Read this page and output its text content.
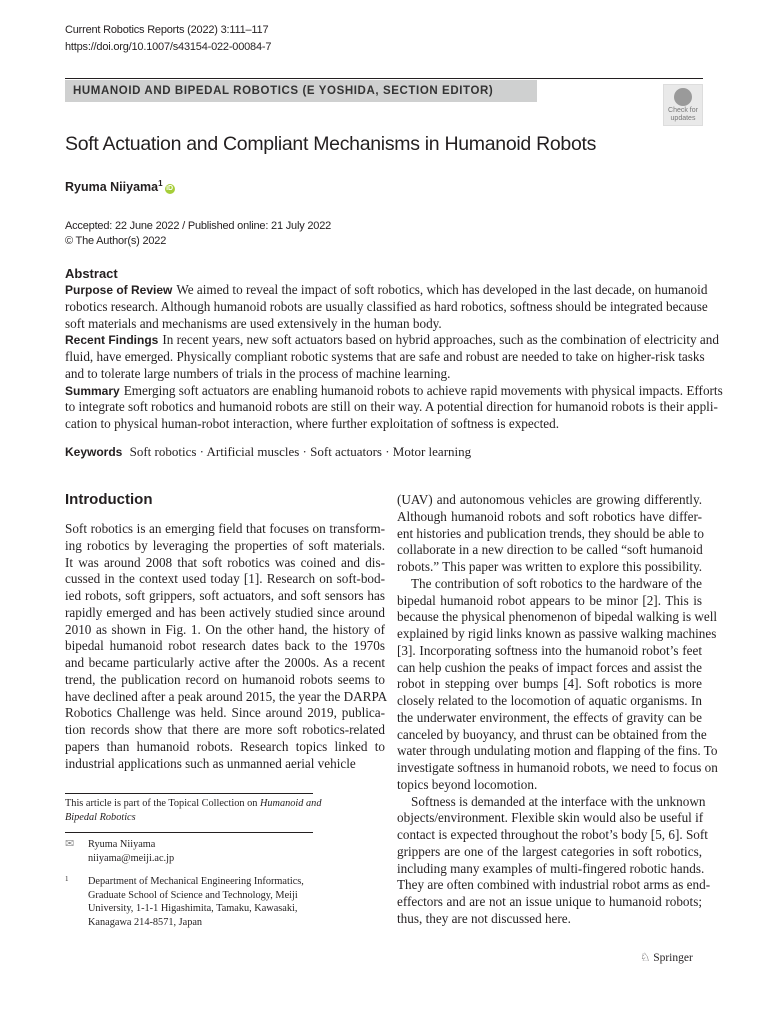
Current Robotics Reports (2022) 3:111–117
https://doi.org/10.1007/s43154-022-00084-7
HUMANOID AND BIPEDAL ROBOTICS (E YOSHIDA, SECTION EDITOR)
Check for
updates
Soft Actuation and Compliant Mechanisms in Humanoid Robots
Ryuma Niiyama$^1$iD
Accepted: 22 June 2022 / Published online: 21 July 2022
© The Author(s) 2022
Abstract
Purpose of Review We aimed to reveal the impact of soft robotics, which has developed in the last decade, on humanoid
robotics research. Although humanoid robots are usually classified as hard robotics, softness should be integrated because
soft materials and mechanisms are used extensively in the human body.
Recent Findings In recent years, new soft actuators based on hybrid approaches, such as the combination of electricity and
fluid, have emerged. Physically compliant robotic systems that are safe and robust are needed to take on higher-risk tasks
and to tolerate large numbers of trials in the process of machine learning.
Summary Emerging soft actuators are enabling humanoid robots to achieve rapid movements with physical impacts. Efforts
to integrate soft robotics and humanoid robots are still on their way. A potential direction for humanoid robots is their appli-
cation to physical human-robot interaction, where further exploitation of softness is expected.
Keywords Soft robotics · Artificial muscles · Soft actuators · Motor learning
Introduction
Soft robotics is an emerging field that focuses on transform-
ing robotics by leveraging the properties of soft materials.
It was around 2008 that soft robotics was coined and dis-
cussed in the context used today [1]. Research on soft-bod-
ied robots, soft grippers, soft actuators, and soft sensors has
rapidly emerged and has been actively studied since around
2010 as shown in Fig. 1. On the other hand, the history of
bipedal humanoid robot research dates back to the 1970s
and became particularly active after the 2000s. As a recent
trend, the publication record on humanoid robots seems to
have declined after a peak around 2015, the year the DARPA
Robotics Challenge was held. Since around 2019, publica-
tion records show that there are more soft robotics-related
papers than humanoid robots. Research topics linked to
industrial applications such as unmanned aerial vehicle
(UAV) and autonomous vehicles are growing differently.
Although humanoid robots and soft robotics have differ-
ent histories and publication trends, they should be able to
collaborate in a new direction to be called “soft humanoid
robots.” This paper was written to explore this possibility.
The contribution of soft robotics to the hardware of the
bipedal humanoid robot appears to be minor [2]. This is
because the physical phenomenon of bipedal walking is well
explained by rigid links known as passive walking machines
[3]. Incorporating softness into the humanoid robot’s feet
can help cushion the peaks of impact forces and assist the
robot in stepping over bumps [4]. Soft robotics is more
closely related to the locomotion of aquatic organisms. In
the underwater environment, the effects of gravity can be
canceled by buoyancy, and thrust can be obtained from the
water through undulating motion and flapping of the fins. To
investigate softness in humanoid robots, we need to focus on
topics beyond locomotion.
Softness is demanded at the interface with the unknown
objects/environment. Flexible skin would also be useful if
contact is expected throughout the robot’s body [5, 6]. Soft
grippers are one of the largest categories in soft robotics,
including many examples of multi-fingered robotic hands.
They are often combined with industrial robot arms as end-
effectors and are not an issue unique to humanoid robots;
thus, they are not discussed here.
This article is part of the Topical Collection on Humanoid and
Bipedal Robotics
✉ Ryuma Niiyama
niiyama@meiji.ac.jp
1 Department of Mechanical Engineering Informatics,
Graduate School of Science and Technology, Meiji
University, 1-1-1 Higashimita, Tamaku, Kawasaki,
Kanagawa 214-8571, Japan
♘ Springer
